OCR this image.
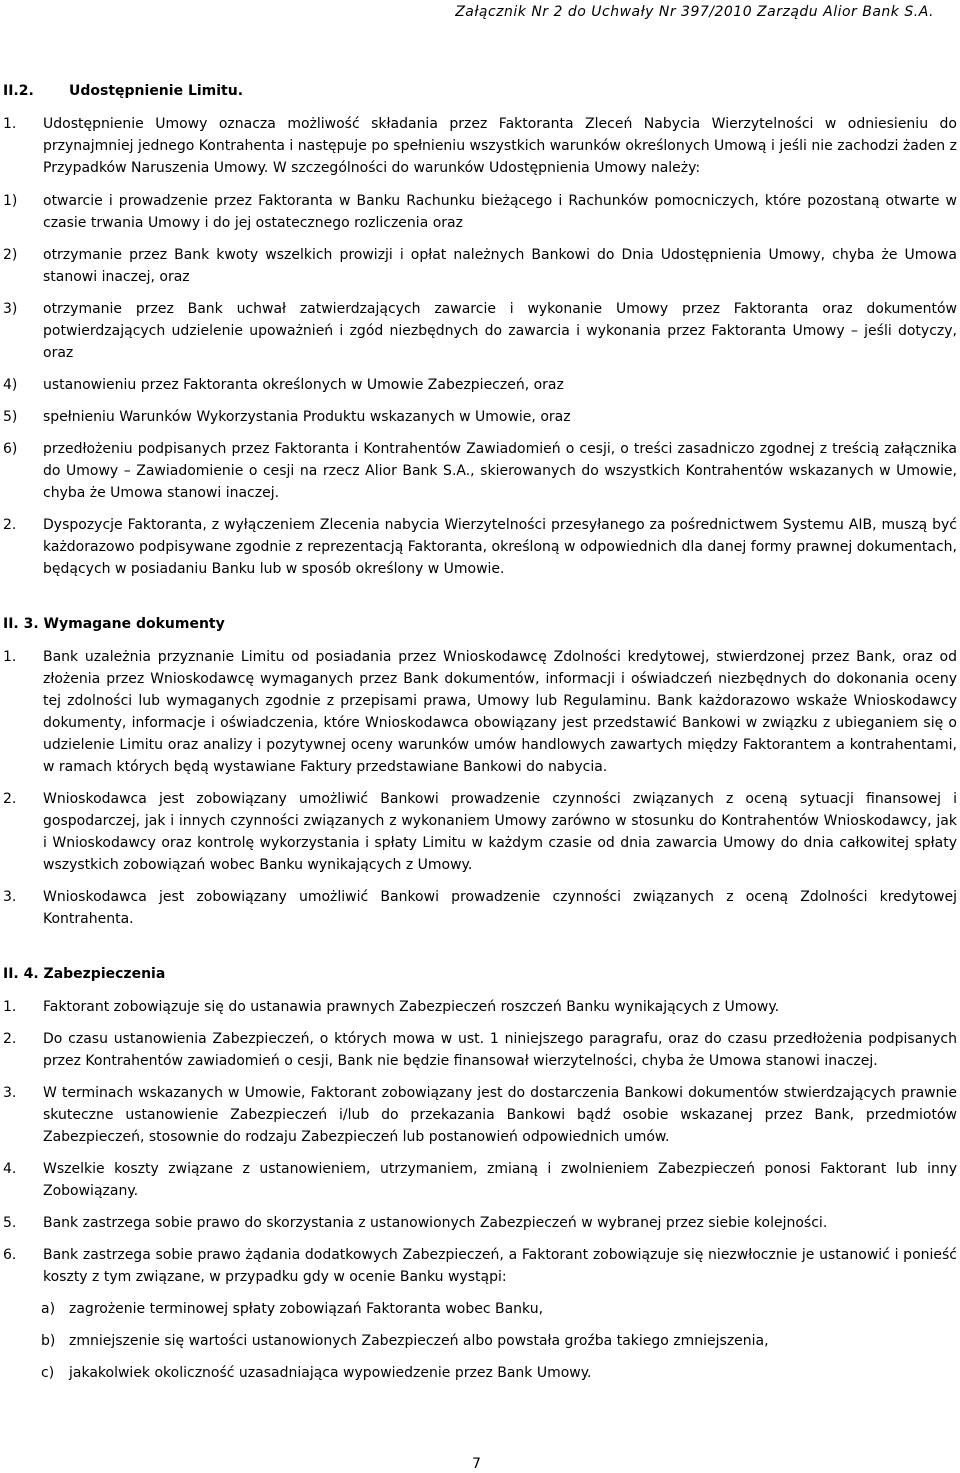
Załącznik Nr 2 do Uchwały Nr 397/2010 Zarządu Alior Bank S.A.
II.2.	Udostępnienie Limitu.
1. Udostępnienie Umowy oznacza możliwość składania przez Faktoranta Zleceń Nabycia Wierzytelności w odniesieniu do przynajmniej jednego Kontrahenta i następuje po spełnieniu wszystkich warunków określonych Umową i jeśli nie zachodzi żaden z Przypadków Naruszenia Umowy. W szczególności do warunków Udostępnienia Umowy należy:
1) otwarcie i prowadzenie przez Faktoranta w Banku Rachunku bieżącego i Rachunków pomocniczych, które pozostaną otwarte w czasie trwania Umowy i do jej ostatecznego rozliczenia oraz
2) otrzymanie przez Bank kwoty wszelkich prowizji i opłat należnych Bankowi do Dnia Udostępnienia Umowy, chyba że Umowa stanowi inaczej, oraz
3) otrzymanie przez Bank uchwał zatwierdzających zawarcie i wykonanie Umowy przez Faktoranta oraz dokumentów potwierdzających udzielenie upoważnień i zgód niezbędnych do zawarcia i wykonania przez Faktoranta Umowy – jeśli dotyczy, oraz
4) ustanowieniu przez Faktoranta określonych w Umowie Zabezpieczeń, oraz
5) spełnieniu Warunków Wykorzystania Produktu wskazanych w Umowie, oraz
6) przedłożeniu podpisanych przez Faktoranta i Kontrahentów Zawiadomień o cesji, o treści zasadniczo zgodnej z treścią załącznika do Umowy – Zawiadomienie o cesji na rzecz Alior Bank S.A., skierowanych do wszystkich Kontrahentów wskazanych w Umowie, chyba że Umowa stanowi inaczej.
2. Dyspozycje Faktoranta, z wyłączeniem Zlecenia nabycia Wierzytelności przesyłanego za pośrednictwem Systemu AIB, muszą być każdorazowo podpisywane zgodnie z reprezentacją Faktoranta, określoną w odpowiednich dla danej formy prawnej dokumentach, będących w posiadaniu Banku lub w sposób określony w Umowie.
II. 3. Wymagane dokumenty
1. Bank uzależnia przyznanie Limitu od posiadania przez Wnioskodawcę Zdolności kredytowej, stwierdzonej przez Bank, oraz od złożenia przez Wnioskodawcę wymaganych przez Bank dokumentów, informacji i oświadczeń niezbędnych do dokonania oceny tej zdolności lub wymaganych zgodnie z przepisami prawa, Umowy lub Regulaminu. Bank każdorazowo wskaże Wnioskodawcy dokumenty, informacje i oświadczenia, które Wnioskodawca obowiązany jest przedstawić Bankowi w związku z ubieganiem się o udzielenie Limitu oraz analizy i pozytywnej oceny warunków umów handlowych zawartych między Faktorantem a kontrahentami, w ramach których będą wystawiane Faktury przedstawiane Bankowi do nabycia.
2. Wnioskodawca jest zobowiązany umożliwić Bankowi prowadzenie czynności związanych z oceną sytuacji finansowej i gospodarczej, jak i innych czynności związanych z wykonaniem Umowy zarówno w stosunku do Kontrahentów Wnioskodawcy, jak i Wnioskodawcy oraz kontrolę wykorzystania i spłaty Limitu w każdym czasie od dnia zawarcia Umowy do dnia całkowitej spłaty wszystkich zobowiązań wobec Banku wynikających z Umowy.
3. Wnioskodawca jest zobowiązany umożliwić Bankowi prowadzenie czynności związanych z oceną Zdolności kredytowej Kontrahenta.
II. 4. Zabezpieczenia
1. Faktorant zobowiązuje się do ustanawia prawnych Zabezpieczeń roszczeń Banku wynikających z Umowy.
2. Do czasu ustanowienia Zabezpieczeń, o których mowa w ust. 1 niniejszego paragrafu, oraz do czasu przedłożenia podpisanych przez Kontrahentów zawiadomień o cesji, Bank nie będzie finansował wierzytelności, chyba że Umowa stanowi inaczej.
3. W terminach wskazanych w Umowie, Faktorant zobowiązany jest do dostarczenia Bankowi dokumentów stwierdzających prawnie skuteczne ustanowienie Zabezpieczeń i/lub do przekazania Bankowi bądź osobie wskazanej przez Bank, przedmiotów Zabezpieczeń, stosownie do rodzaju Zabezpieczeń lub postanowień odpowiednich umów.
4. Wszelkie koszty związane z ustanowieniem, utrzymaniem, zmianą i zwolnieniem Zabezpieczeń ponosi Faktorant lub inny Zobowiązany.
5. Bank zastrzega sobie prawo do skorzystania z ustanowionych Zabezpieczeń w wybranej przez siebie kolejności.
6. Bank zastrzega sobie prawo żądania dodatkowych Zabezpieczeń, a Faktorant zobowiązuje się niezwłocznie je ustanowić i ponieść koszty z tym związane, w przypadku gdy w ocenie Banku wystąpi:
a) zagrożenie terminowej spłaty zobowiązań Faktoranta wobec Banku,
b) zmniejszenie się wartości ustanowionych Zabezpieczeń albo powstała groźba takiego zmniejszenia,
c) jakakolwiek okoliczność uzasadniająca wypowiedzenie przez Bank Umowy.
7
